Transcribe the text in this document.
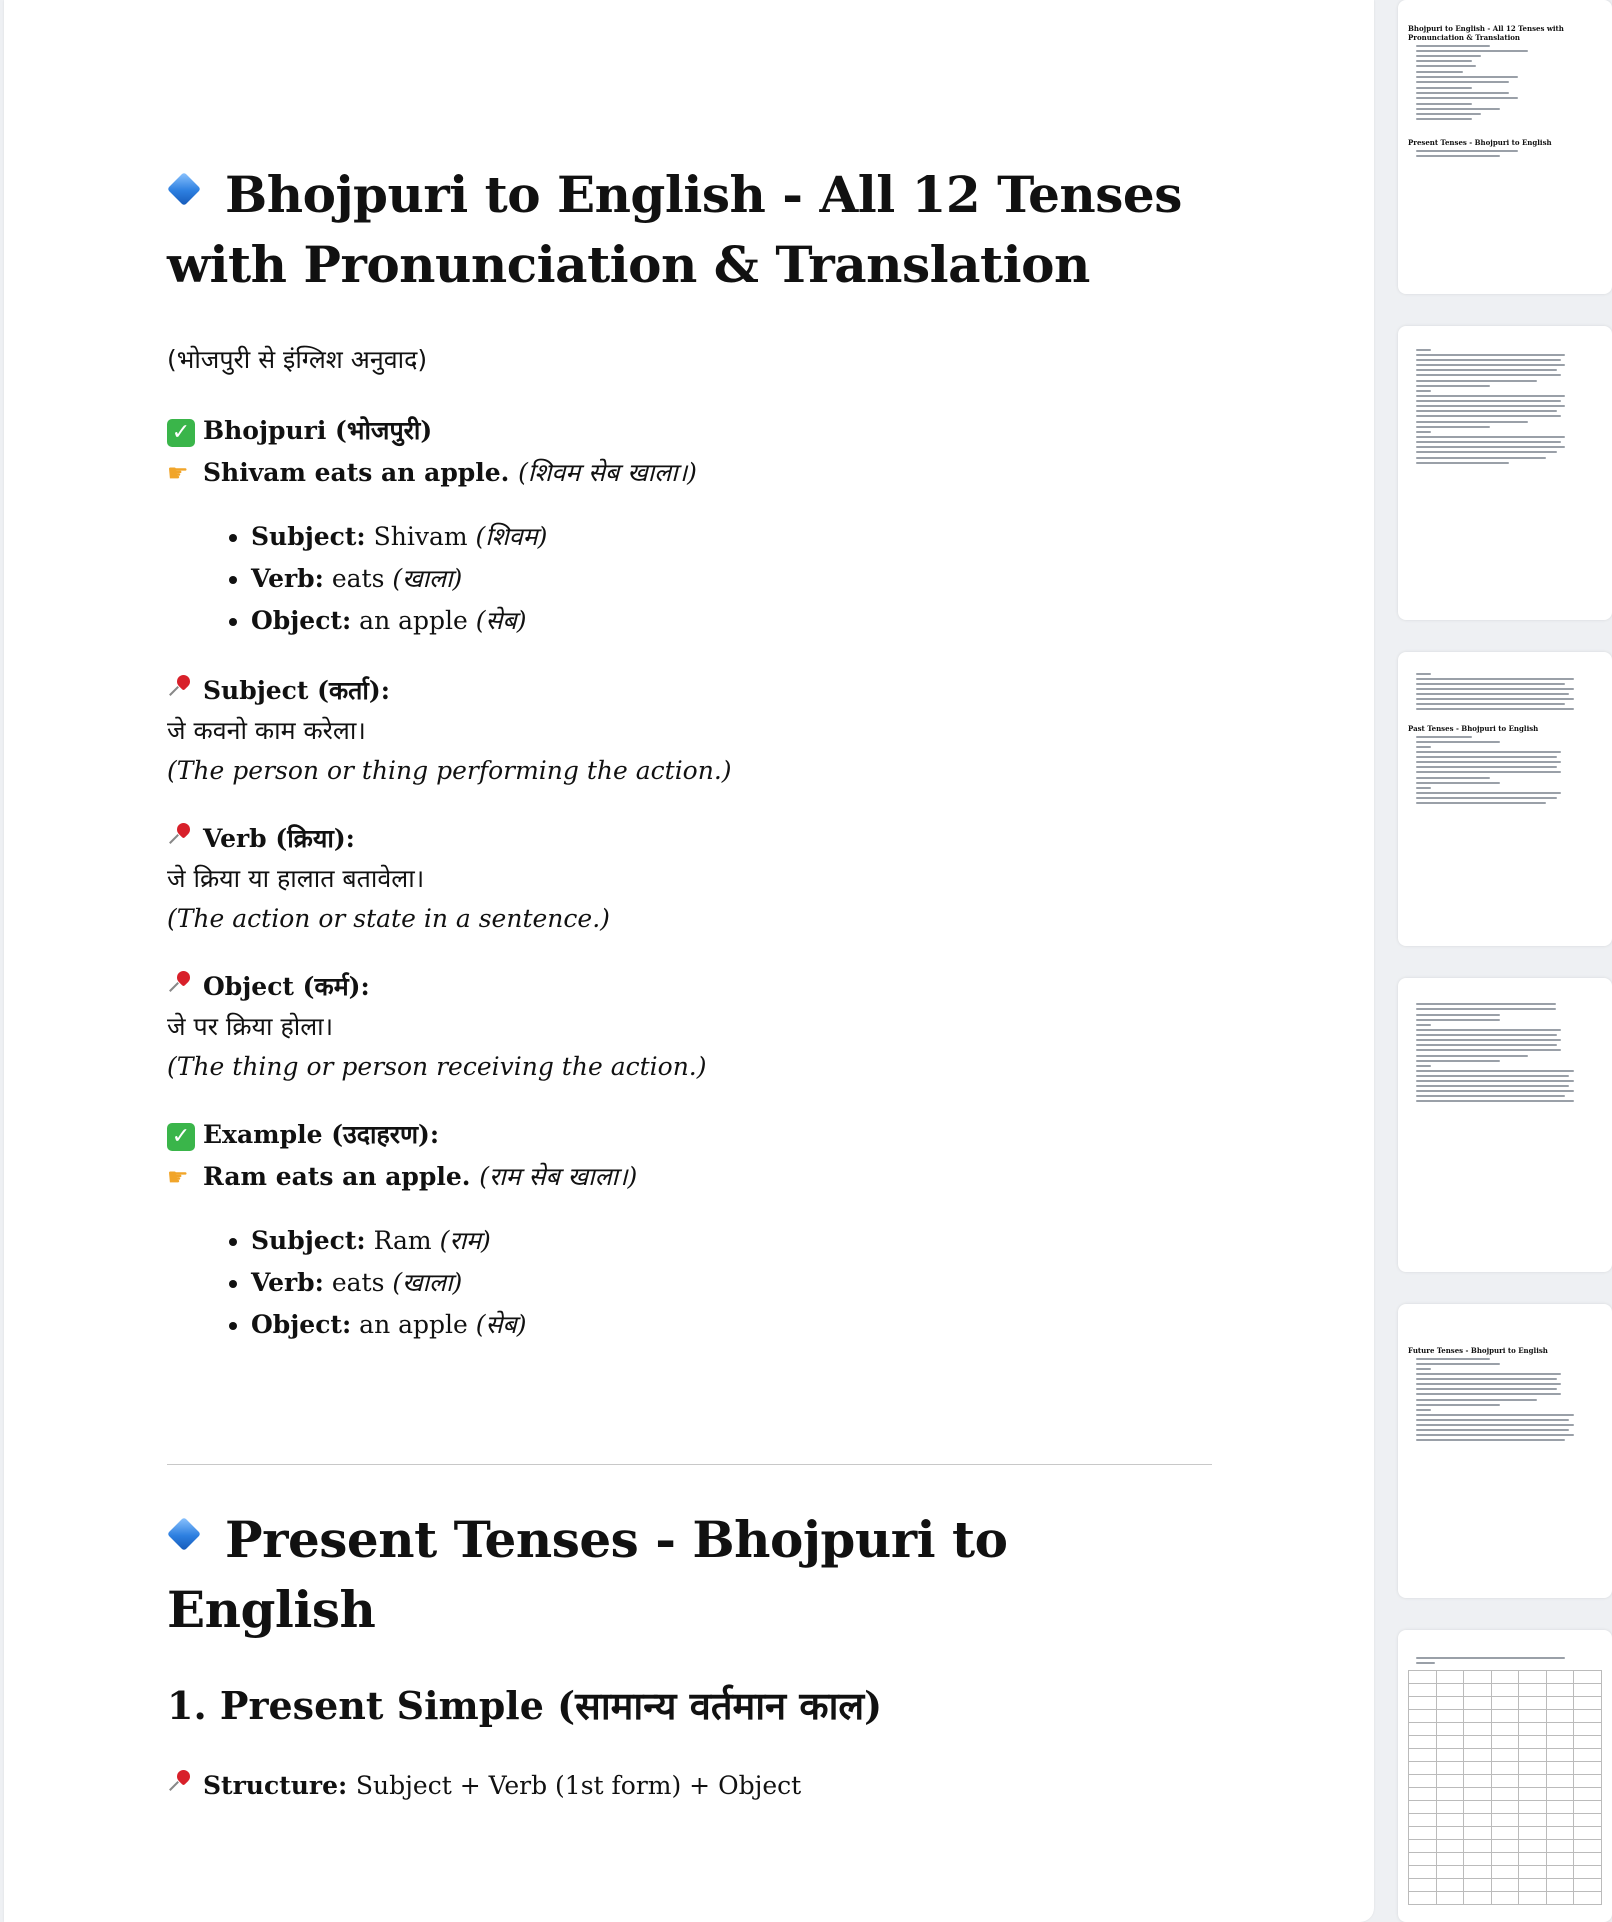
Bhojpuri to English - All 12 Tenses with Pronunciation & Translation
(भोजपुरी से इंग्लिश अनुवाद)
✓ Bhojpuri (भोजपुरी)
☛ Shivam eats an apple. (शिवम सेब खाला।)
• Subject: Shivam (शिवम)
• Verb: eats (खाला)
• Object: an apple (सेब)
Subject (कर्ता):
जे कवनो काम करेला।
(The person or thing performing the action.)
Verb (क्रिया):
जे क्रिया या हालात बतावेला।
(The action or state in a sentence.)
Object (कर्म):
जे पर क्रिया होला।
(The thing or person receiving the action.)
✓ Example (उदाहरण):
☛ Ram eats an apple. (राम सेब खाला।)
• Subject: Ram (राम)
• Verb: eats (खाला)
• Object: an apple (सेब)
Present Tenses - Bhojpuri to English
1. Present Simple (सामान्य वर्तमान काल)
Structure: Subject + Verb (1st form) + Object
Bhojpuri to English - All 12 Tenses with Pronunciation & Translation
Present Tenses - Bhojpuri to English
Past Tenses - Bhojpuri to English
Future Tenses - Bhojpuri to English
